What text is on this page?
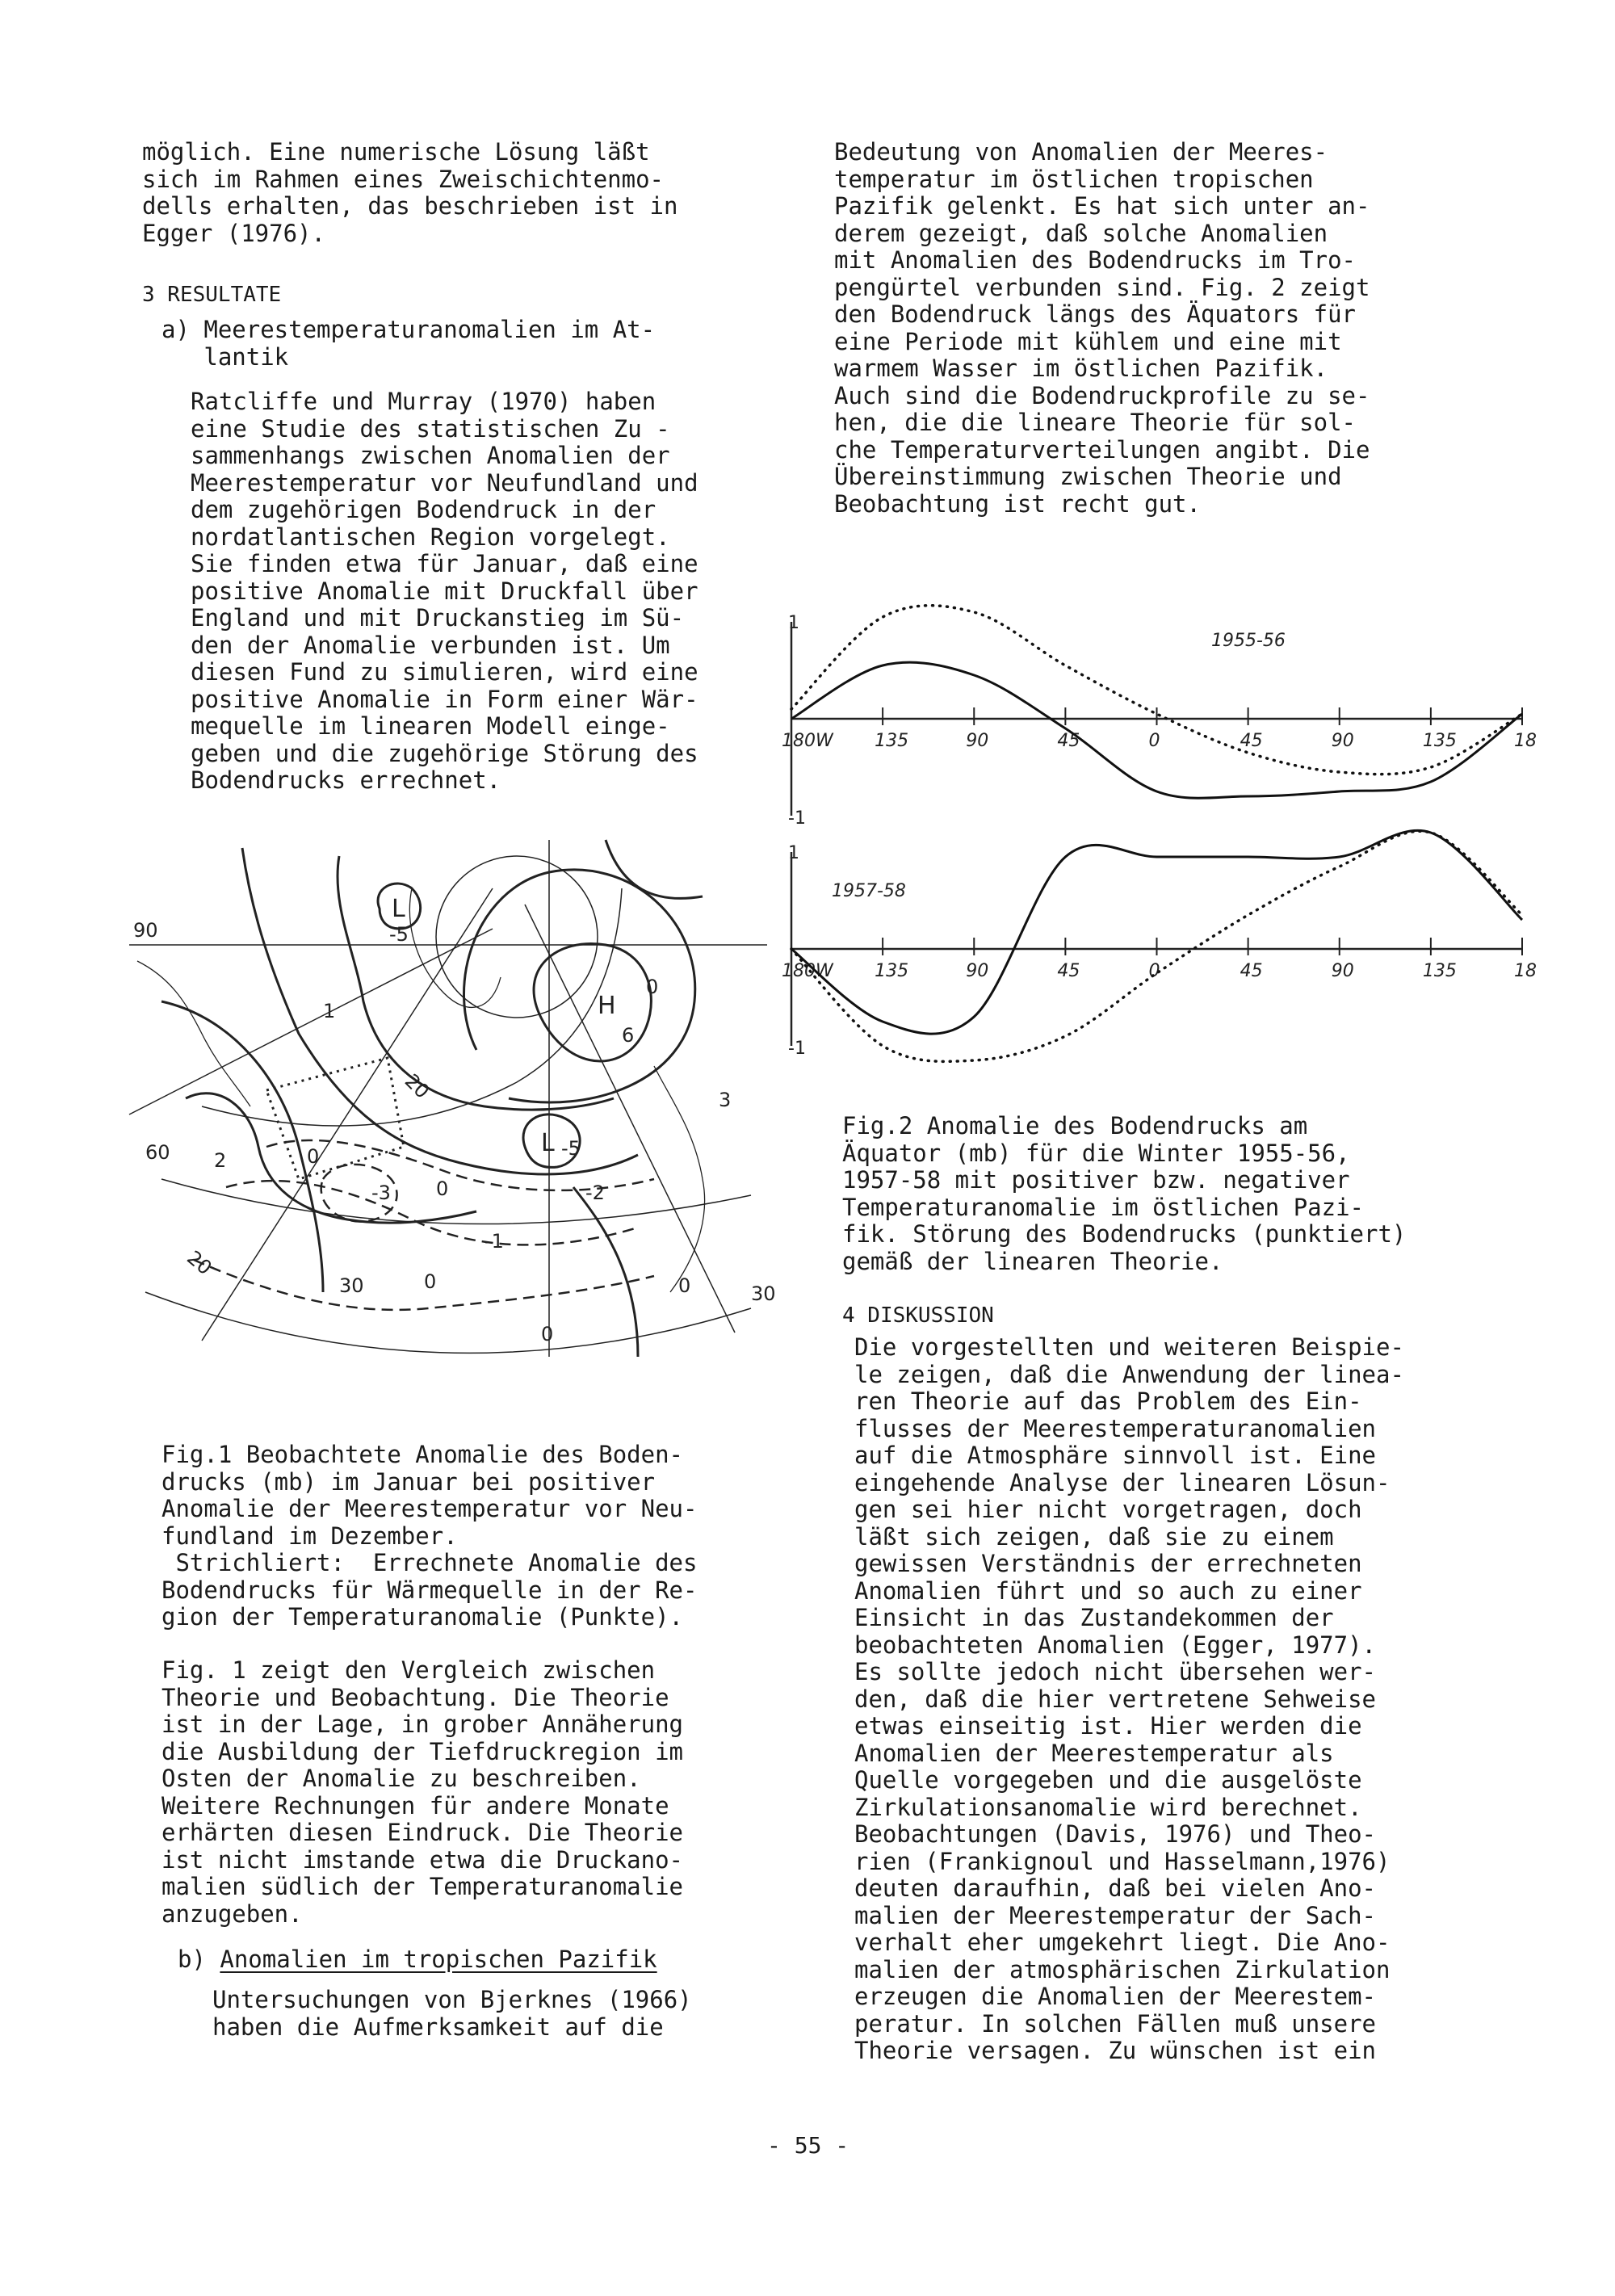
möglich. Eine numerische Lösung läßt
sich im Rahmen eines Zweischichtenmo-
dells erhalten, das beschrieben ist in
Egger (1976).
3 RESULTATE
a) Meerestemperaturanomalien im At-
lantik
Ratcliffe und Murray (1970) haben
eine Studie des statistischen Zu -
sammenhangs zwischen Anomalien der
Meerestemperatur vor Neufundland und
dem zugehörigen Bodendruck in der
nordatlantischen Region vorgelegt.
Sie finden etwa für Januar, daß eine
positive Anomalie mit Druckfall über
England und mit Druckanstieg im Sü-
den der Anomalie verbunden ist. Um
diesen Fund zu simulieren, wird eine
positive Anomalie in Form einer Wär-
mequelle im linearen Modell einge-
geben und die zugehörige Störung des
Bodendrucks errechnet.
90
60
20
30
0
30
L
-5
H
6
L -5
1
2
3
0
0
0	0
-1
-2
-3
0
20
Fig.1 Beobachtete Anomalie des Boden-
drucks (mb) im Januar bei positiver
Anomalie der Meerestemperatur vor Neu-
fundland im Dezember.
Strichliert:  Errechnete Anomalie des
Bodendrucks für Wärmequelle in der Re-
gion der Temperaturanomalie (Punkte).
Fig. 1 zeigt den Vergleich zwischen
Theorie und Beobachtung. Die Theorie
ist in der Lage, in grober Annäherung
die Ausbildung der Tiefdruckregion im
Osten der Anomalie zu beschreiben.
Weitere Rechnungen für andere Monate
erhärten diesen Eindruck. Die Theorie
ist nicht imstande etwa die Druckano-
malien südlich der Temperaturanomalie
anzugeben.
b) Anomalien im tropischen Pazifik
Untersuchungen von Bjerknes (1966)
haben die Aufmerksamkeit auf die
Bedeutung von Anomalien der Meeres-
temperatur im östlichen tropischen
Pazifik gelenkt. Es hat sich unter an-
derem gezeigt, daß solche Anomalien
mit Anomalien des Bodendrucks im Tro-
pengürtel verbunden sind. Fig. 2 zeigt
den Bodendruck längs des Äquators für
eine Periode mit kühlem und eine mit
warmem Wasser im östlichen Pazifik.
Auch sind die Bodendruckprofile zu se-
hen, die die lineare Theorie für sol-
che Temperaturverteilungen angibt. Die
Übereinstimmung zwischen Theorie und
Beobachtung ist recht gut.
180W 135	90	45	0	45	90	135	18
1
-1
1955-56
180W 135	90	45	0	45	90	135	18
1
-1
1957-58
Fig.2 Anomalie des Bodendrucks am
Äquator (mb) für die Winter 1955-56,
1957-58 mit positiver bzw. negativer
Temperaturanomalie im östlichen Pazi-
fik. Störung des Bodendrucks (punktiert)
gemäß der linearen Theorie.
4 DISKUSSION
Die vorgestellten und weiteren Beispie-
le zeigen, daß die Anwendung der linea-
ren Theorie auf das Problem des Ein-
flusses der Meerestemperaturanomalien
auf die Atmosphäre sinnvoll ist. Eine
eingehende Analyse der linearen Lösun-
gen sei hier nicht vorgetragen, doch
läßt sich zeigen, daß sie zu einem
gewissen Verständnis der errechneten
Anomalien führt und so auch zu einer
Einsicht in das Zustandekommen der
beobachteten Anomalien (Egger, 1977).
Es sollte jedoch nicht übersehen wer-
den, daß die hier vertretene Sehweise
etwas einseitig ist. Hier werden die
Anomalien der Meerestemperatur als
Quelle vorgegeben und die ausgelöste
Zirkulationsanomalie wird berechnet.
Beobachtungen (Davis, 1976) und Theo-
rien (Frankignoul und Hasselmann,1976)
deuten daraufhin, daß bei vielen Ano-
malien der Meerestemperatur der Sach-
verhalt eher umgekehrt liegt. Die Ano-
malien der atmosphärischen Zirkulation
erzeugen die Anomalien der Meerestem-
peratur. In solchen Fällen muß unsere
Theorie versagen. Zu wünschen ist ein
- 55 -
